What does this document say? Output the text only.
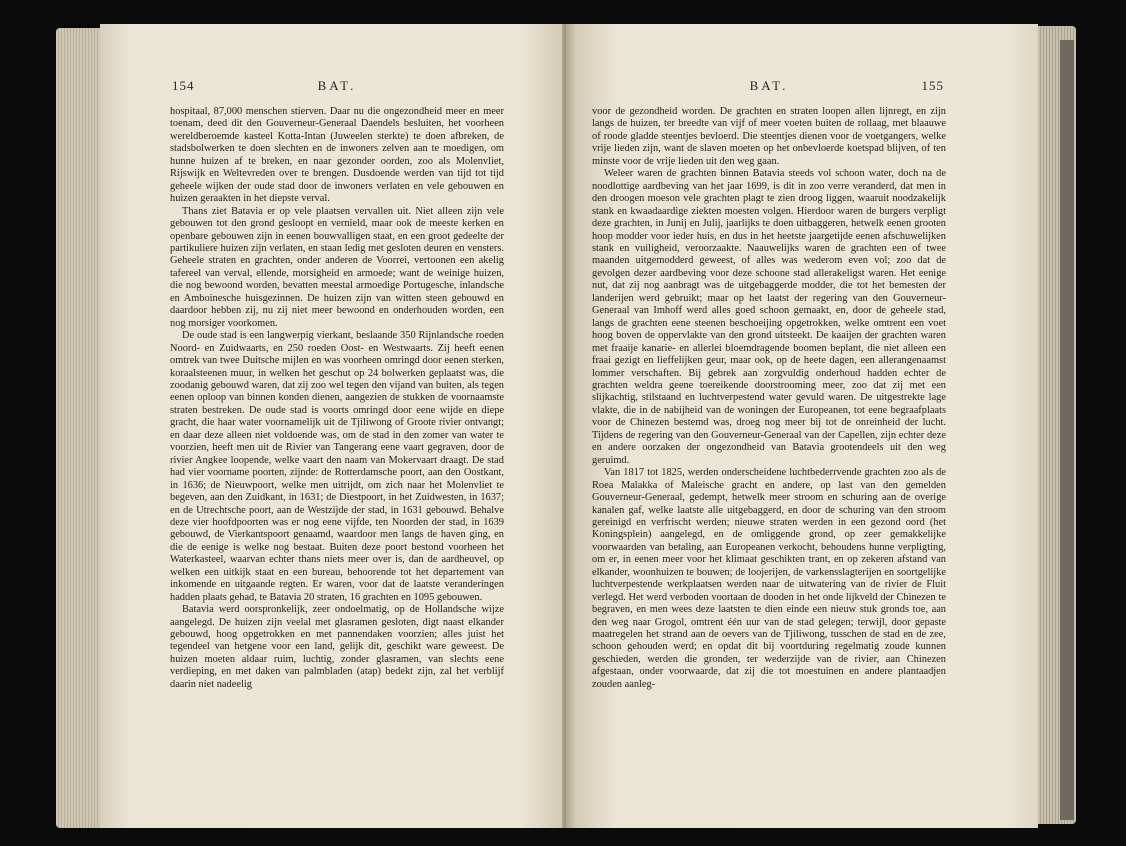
154	BAT.

hospitaal, 87,000 menschen stierven. Daar nu die ongezondheid meer en meer toenam, deed dit den Gouverneur-Generaal Daendels besluiten, het voorheen wereldberoemde kasteel Kotta-Intan (Juweelen sterkte) te doen afbreken, de stadsbolwerken te doen slechten en de inwoners zelven aan te moedigen, om hunne huizen af te breken, en naar gezonder oorden, zoo als Molenvliet, Rijswijk en Weltevreden over te brengen. Dusdoende werden van tijd tot tijd geheele wijken der oude stad door de inwoners verlaten en vele gebouwen en huizen geraakten in het diepste verval.

Thans ziet Batavia er op vele plaatsen vervallen uit. Niet alleen zijn vele gebouwen tot den grond gesloopt en vernield, maar ook de meeste kerken en openbare gebouwen zijn in eenen bouwvalligen staat, en een groot gedeelte der partikuliere huizen zijn verlaten, en staan ledig met gesloten deuren en vensters. Geheele straten en grachten, onder anderen de Voorrei, vertoonen een akelig tafereel van verval, ellende, morsigheid en armoede; want de weinige huizen, die nog bewoond worden, bevatten meestal armoedige Portugesche, inlandsche en Amboinesche huisgezinnen. De huizen zijn van witten steen gebouwd en daardoor hebben zij, nu zij niet meer bewoond en onderhouden worden, een nog morsiger voorkomen.

De oude stad is een langwerpig vierkant, beslaande 350 Rijnlandsche roeden Noord- en Zuidwaarts, en 250 roeden Oost- en Westwaarts. Zij heeft eenen omtrek van twee Duitsche mijlen en was voorheen omringd door eenen sterken, koraalsteenen muur, in welken het geschut op 24 bolwerken geplaatst was, die zoodanig gebouwd waren, dat zij zoo wel tegen den vijand van buiten, als tegen eenen oploop van binnen konden dienen, aangezien de stukken de voornaamste straten bestreken. De oude stad is voorts omringd door eene wijde en diepe gracht, die haar water voornamelijk uit de Tjiliwong of Groote rivier ontvangt; en daar deze alleen niet voldoende was, om de stad in den zomer van water te voorzien, heeft men uit de Rivier van Tangerang eene vaart gegraven, door de rivier Angkee loopende, welke vaart den naam van Mokervaart draagt. De stad had vier voorname poorten, zijnde: de Rotterdamsche poort, aan den Oostkant, in 1636; de Nieuwpoort, welke men uitrijdt, om zich naar het Molenvliet te begeven, aan den Zuidkant, in 1631; de Diestpoort, in het Zuidwesten, in 1637; en de Utrechtsche poort, aan de Westzijde der stad, in 1631 gebouwd. Behalve deze vier hoofdpoorten was er nog eene vijfde, ten Noorden der stad, in 1639 gebouwd, de Vierkantspoort genaamd, waardoor men langs de haven ging, en die de eenige is welke nog bestaat. Buiten deze poort bestond voorheen het Waterkasteel, waarvan echter thans niets meer over is, dan de aardheuvel, op welken een uitkijk staat en een bureau, behoorende tot het departement van inkomende en uitgaande regten. Er waren, voor dat de laatste veranderingen hadden plaats gehad, te Batavia 20 straten, 16 grachten en 1095 gebouwen.

Batavia werd oorspronkelijk, zeer ondoelmatig, op de Hollandsche wijze aangelegd. De huizen zijn veelal met glasramen gesloten, digt naast elkander gebouwd, hoog opgetrokken en met pannendaken voorzien; alles juist het tegendeel van hetgene voor een land, gelijk dit, geschikt ware geweest. De huizen moeten aldaar ruim, luchtig, zonder glasramen, van slechts eene verdieping, en met daken van palmbladen (atap) bedekt zijn, zal het verblijf daarin niet nadeelig

BAT.	155

voor de gezondheid worden. De grachten en straten loopen allen lijnregt, en zijn langs de huizen, ter breedte van vijf of meer voeten buiten de rollaag, met blaauwe of roode gladde steentjes bevloerd. Die steentjes dienen voor de voetgangers, welke vrije lieden zijn, want de slaven moeten op het onbevloerde koetspad blijven, of ten minste voor de vrije lieden uit den weg gaan.

Weleer waren de grachten binnen Batavia steeds vol schoon water, doch na de noodlottige aardbeving van het jaar 1699, is dit in zoo verre veranderd, dat men in den droogen moeson vele grachten plagt te zien droog liggen, waaruit noodzakelijk stank en kwaadaardige ziekten moesten volgen. Hierdoor waren de burgers verpligt deze grachten, in Junij en Julij, jaarlijks te doen uitbaggeren, hetwelk eenen grooten hoop modder voor ieder huis, en dus in het heetste jaargetijde eenen afschuwelijken stank en vuiligheid, veroorzaakte. Naauwelijks waren de grachten een of twee maanden uitgemodderd geweest, of alles was wederom even vol; zoo dat de gevolgen dezer aardbeving voor deze schoone stad allerakeligst waren. Het eenige nut, dat zij nog aanbragt was de uitgebaggerde modder, die tot het bemesten der landerijen werd gebruikt; maar op het laatst der regering van den Gouverneur-Generaal van Imhoff werd alles goed schoon gemaakt, en, door de geheele stad, langs de grachten eene steenen beschoeijing opgetrokken, welke omtrent een voet hoog boven de oppervlakte van den grond uitsteekt. De kaaijen der grachten waren met fraaije kanarie- en allerlei bloemdragende boomen beplant, die niet alleen een fraai gezigt en lieffelijken geur, maar ook, op de heete dagen, een allerangenaamst lommer verschaften. Bij gebrek aan zorgvuldig onderhoud hadden echter de grachten weldra geene toereikende doorstrooming meer, zoo dat zij met een slijkachtig, stilstaand en luchtverpestend water gevuld waren. De uitgestrekte lage vlakte, die in de nabijheid van de woningen der Europeanen, tot eene begraafplaats voor de Chinezen bestemd was, droeg nog meer bij tot de onreinheid der lucht. Tijdens de regering van den Gouverneur-Generaal van der Capellen, zijn echter deze en andere oorzaken der ongezondheid van Batavia grootendeels uit den weg geruimd.

Van 1817 tot 1825, werden onderscheidene luchtbederrvende grachten zoo als de Roea Malakka of Maleische gracht en andere, op last van den gemelden Gouverneur-Generaal, gedempt, hetwelk meer stroom en schuring aan de overige kanalen gaf, welke laatste alle uitgebaggerd, en door de schuring van den stroom gereinigd en verfrischt werden; nieuwe straten werden in een gezond oord (het Koningsplein) aangelegd, en de omliggende grond, op zeer gemakkelijke voorwaarden van betaling, aan Europeanen verkocht, behoudens hunne verpligting, om er, in eenen meer voor het klimaat geschikten trant, en op zekeren afstand van elkander, woonhuizen te bouwen; de loojerijen, de varkensslagterijen en soortgelijke luchtverpestende werkplaatsen werden naar de uitwatering van de rivier de Fluit verlegd. Het werd verboden voortaan de dooden in het onde lijkveld der Chinezen te begraven, en men wees deze laatsten te dien einde een nieuw stuk gronds toe, aan den weg naar Grogol, omtrent één uur van de stad gelegen; terwijl, door gepaste maatregelen het strand aan de oevers van de Tjiliwong, tusschen de stad en de zee, schoon gehouden werd; en opdat dit bij voortduring regelmatig zoude kunnen geschieden, werden die gronden, ter wederzijde van de rivier, aan Chinezen afgestaan, onder voorwaarde, dat zij die tot moestuinen en andere plantaadjen zouden aanleg-
